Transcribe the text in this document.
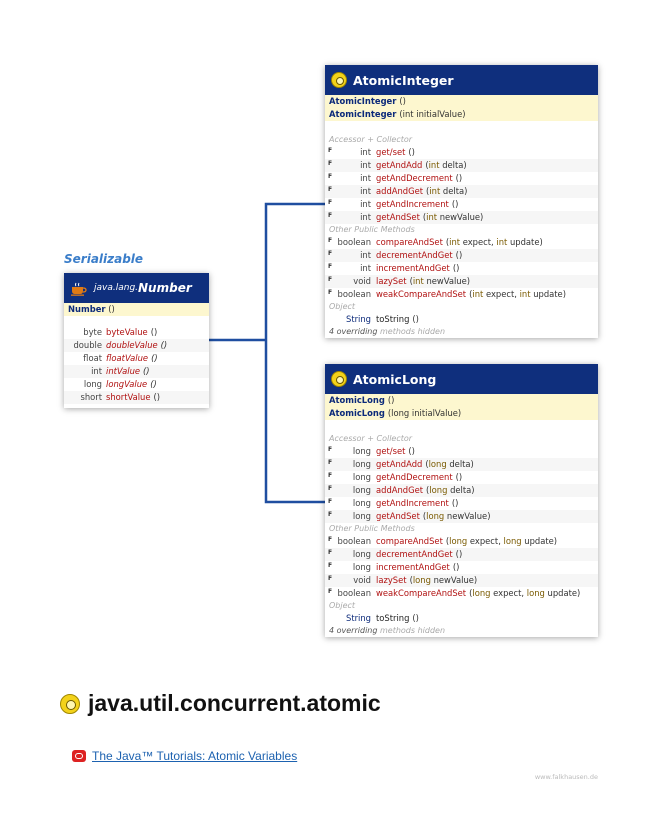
Serializable
java.lang. Number
Number ()
byte byteValue ()
double doubleValue ()
float floatValue ()
int intValue ()
long longValue ()
short shortValue ()
AtomicInteger
AtomicInteger ()
AtomicInteger (int initialValue)
Accessor + Collector
F	int get/set ()
F	int getAndAdd (int delta)
F	int getAndDecrement ()
F	int addAndGet (int delta)
F	int getAndIncrement ()
F	int getAndSet (int newValue)
Other Public Methods
F boolean compareAndSet (int expect, int update)
F	int decrementAndGet ()
F	int incrementAndGet ()
F	void lazySet (int newValue)
F boolean weakCompareAndSet (int expect, int update)
Object
String toString ()
4 overriding methods hidden
AtomicLong
AtomicLong ()
AtomicLong (long initialValue)
Accessor + Collector
F long get/set ()
F long getAndAdd (long delta)
F long getAndDecrement ()
F long addAndGet (long delta)
F long getAndIncrement ()
F long getAndSet (long newValue)
Other Public Methods
F boolean compareAndSet (long expect, long update)
F long decrementAndGet ()
F long incrementAndGet ()
F	void lazySet (long newValue)
F boolean weakCompareAndSet (long expect, long update)
Object
String toString ()
4 overriding methods hidden
java.util.concurrent.atomic
The Java™ Tutorials: Atomic Variables
www.falkhausen.de
